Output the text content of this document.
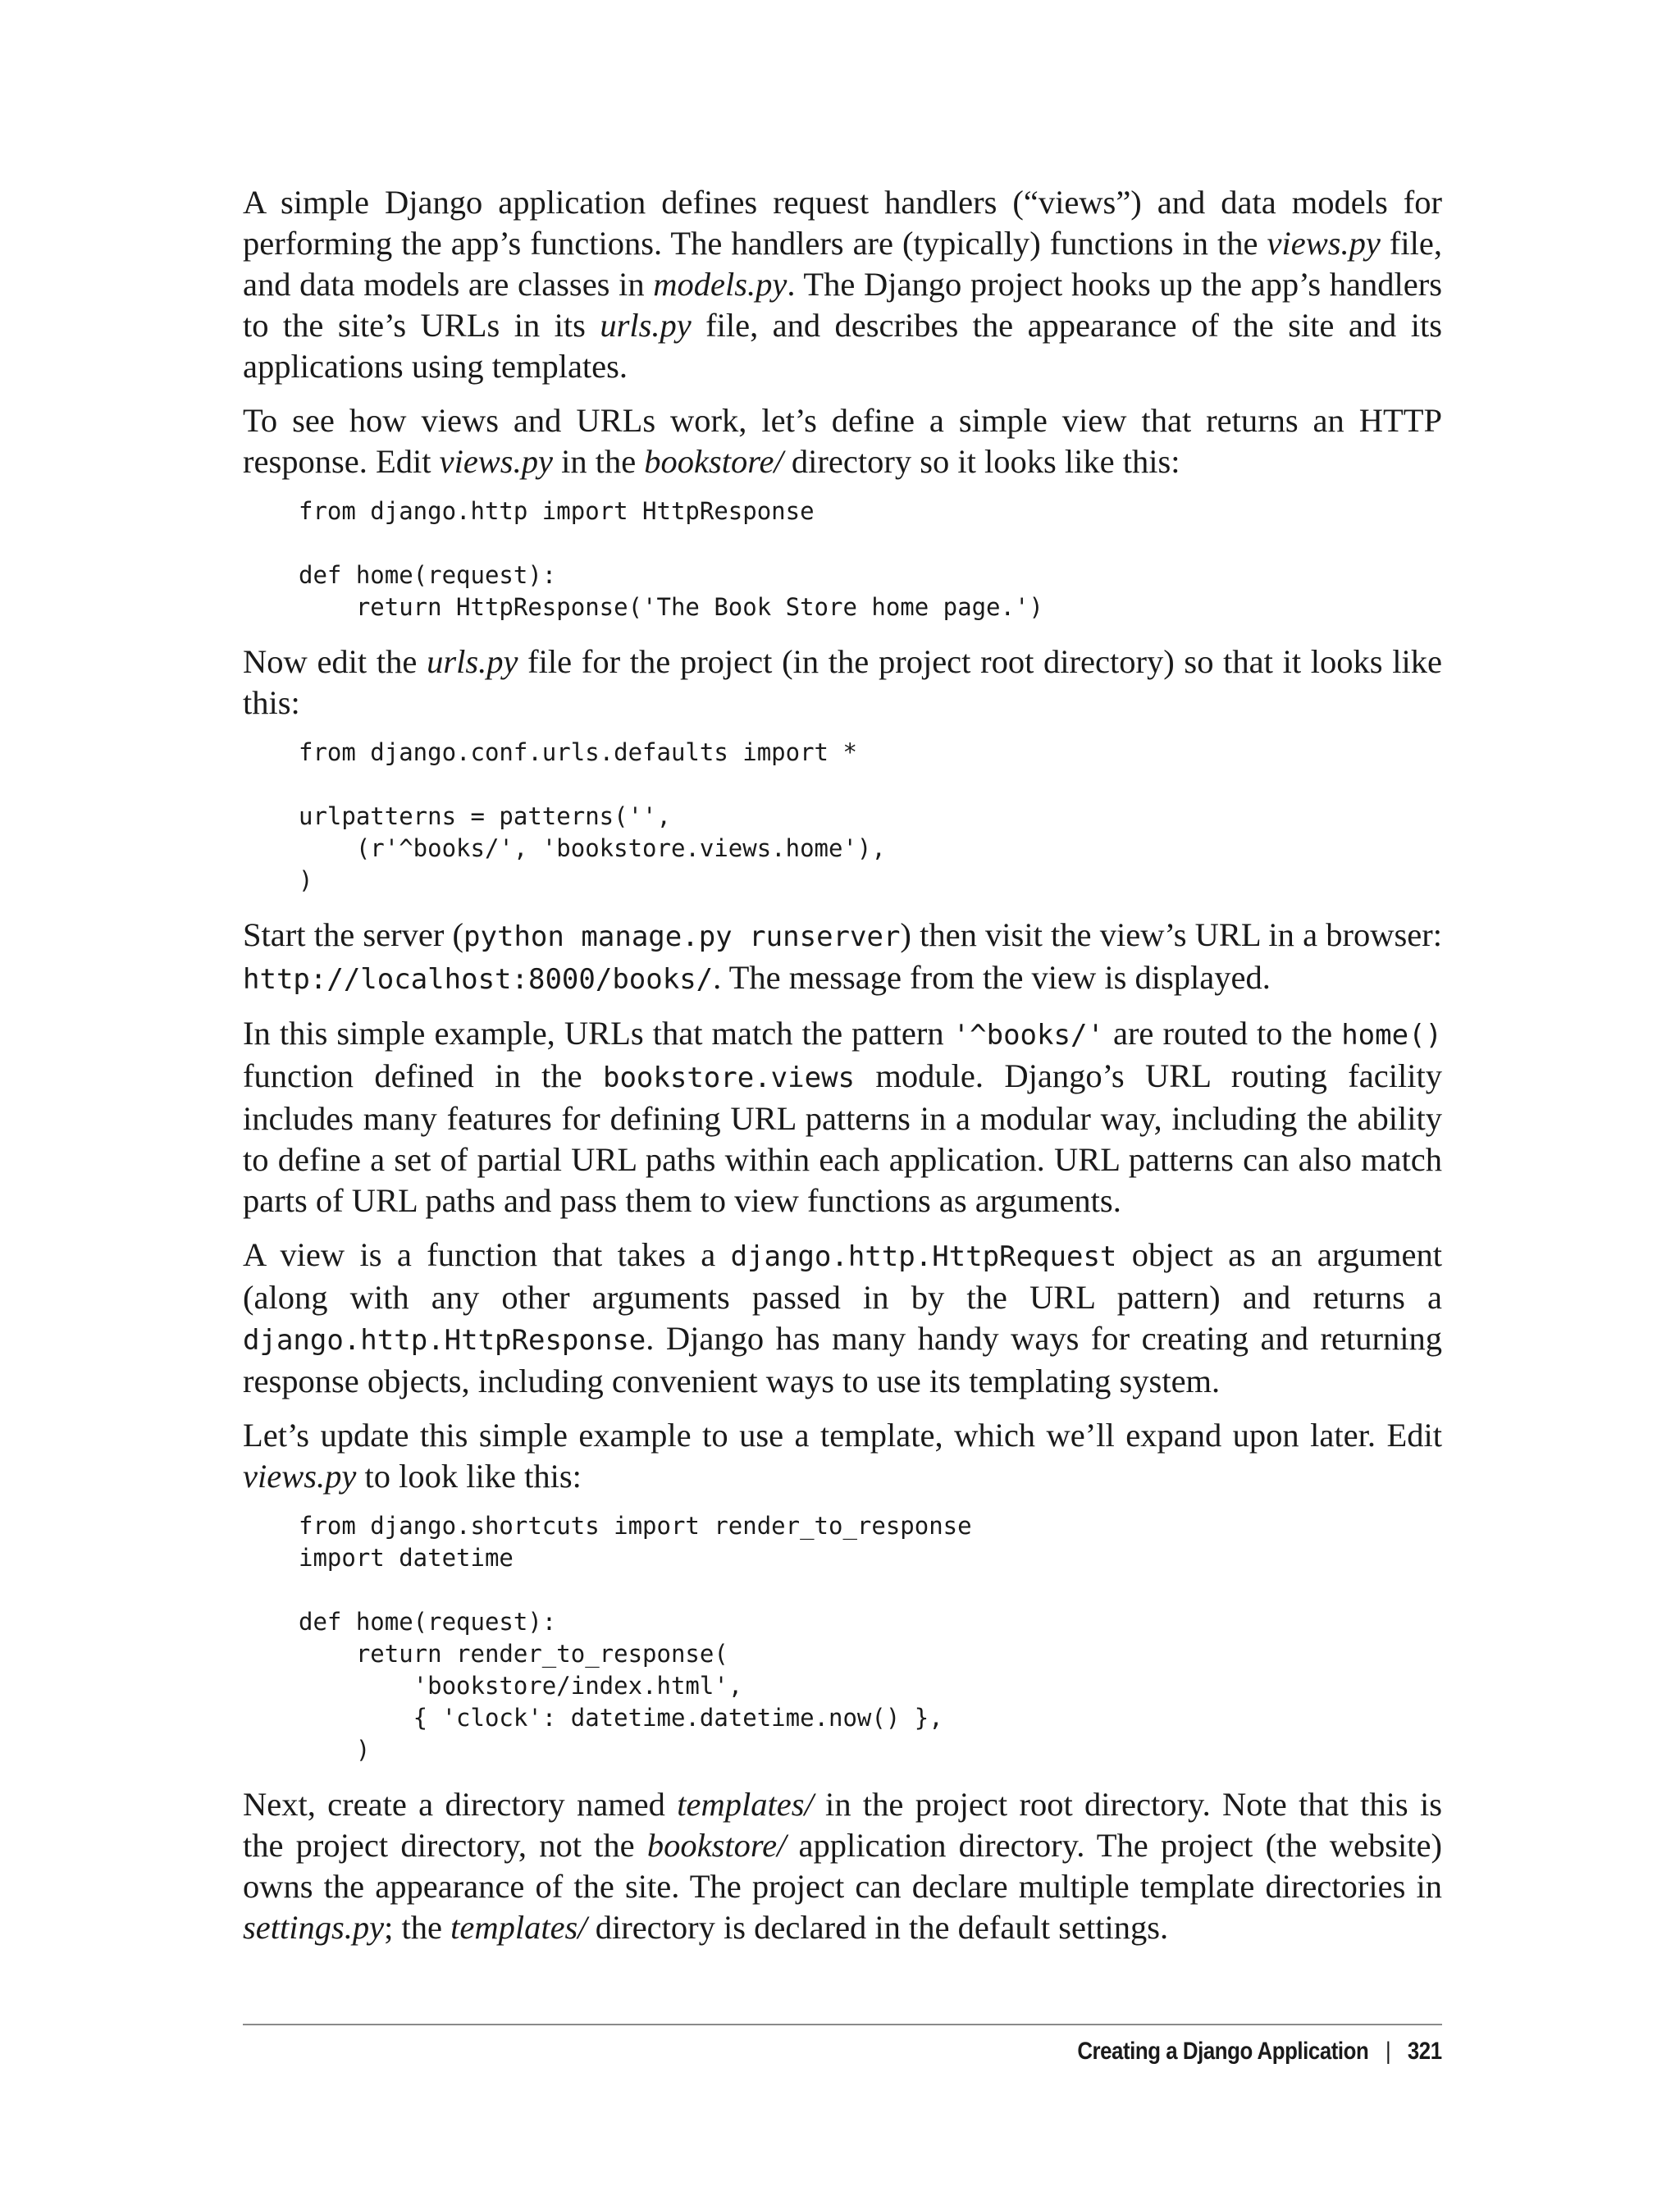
A simple Django application defines request handlers (“views”) and data models for performing the app’s functions. The handlers are (typically) functions in the views.py file, and data models are classes in models.py. The Django project hooks up the app’s handlers to the site’s URLs in its urls.py file, and describes the appearance of the site and its applications using templates.

To see how views and URLs work, let’s define a simple view that returns an HTTP response. Edit views.py in the bookstore/ directory so it looks like this:

from django.http import HttpResponse

def home(request):
return HttpResponse('The Book Store home page.')

Now edit the urls.py file for the project (in the project root directory) so that it looks like this:

from django.conf.urls.defaults import *

urlpatterns = patterns('',
(r'^books/', 'bookstore.views.home'),
)

Start the server (python manage.py runserver) then visit the view’s URL in a browser: http://localhost:8000/books/. The message from the view is displayed.

In this simple example, URLs that match the pattern '^books/' are routed to the home() function defined in the bookstore.views module. Django’s URL routing facility includes many features for defining URL patterns in a modular way, including the ability to define a set of partial URL paths within each application. URL patterns can also match parts of URL paths and pass them to view functions as arguments.

A view is a function that takes a django.http.HttpRequest object as an argument (along with any other arguments passed in by the URL pattern) and returns a django.http.HttpResponse. Django has many handy ways for creating and returning response objects, including convenient ways to use its templating system.

Let’s update this simple example to use a template, which we’ll expand upon later. Edit views.py to look like this:

from django.shortcuts import render_to_response
import datetime

def home(request):
return render_to_response(
'bookstore/index.html',
{ 'clock': datetime.datetime.now() },
)

Next, create a directory named templates/ in the project root directory. Note that this is the project directory, not the bookstore/ application directory. The project (the website) owns the appearance of the site. The project can declare multiple template directories in settings.py; the templates/ directory is declared in the default settings.

Creating a Django Application | 321
